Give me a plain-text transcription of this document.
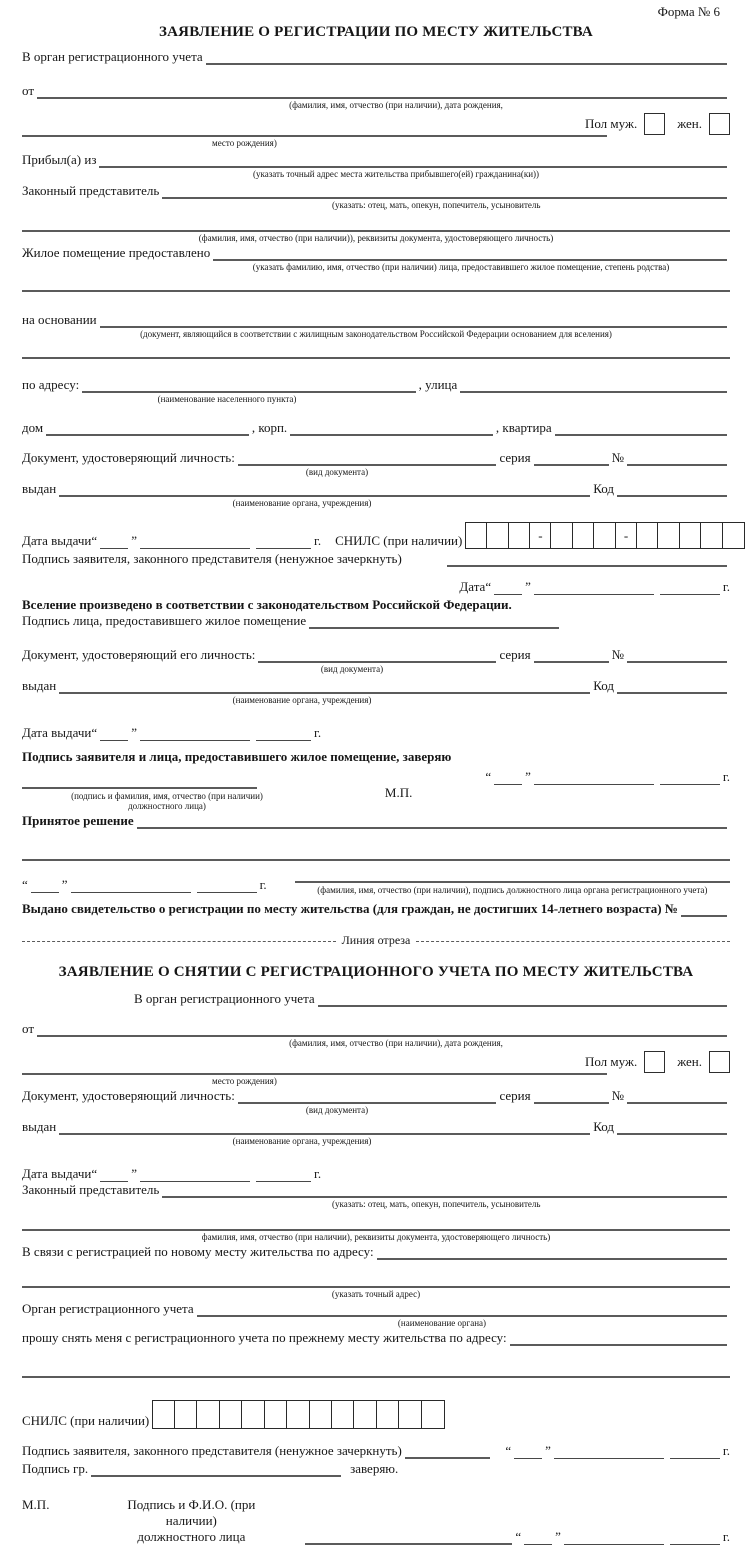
Форма № 6
ЗАЯВЛЕНИЕ О РЕГИСТРАЦИИ ПО МЕСТУ ЖИТЕЛЬСТВА
В орган регистрационного учета
от
(фамилия, имя, отчество (при наличии), дата рождения,
Пол муж.	жен.
место рождения)
Прибыл(а) из
(указать точный адрес места жительства прибывшего(ей) гражданина(ки))
Законный представитель
(указать: отец, мать, опекун, попечитель, усыновитель
(фамилия, имя, отчество (при наличии)), реквизиты документа, удостоверяющего личность)
Жилое помещение предоставлено
(указать фамилию, имя, отчество (при наличии) лица, предоставившего жилое помещение, степень родства)
на основании
(документ, являющийся в соответствии с жилищным законодательством Российской Федерации основанием для вселения)
по адресу:	, улица
(наименование населенного пункта)
дом	, корп.	, квартира
Документ, удостоверяющий личность:	серия	№
(вид документа)
выдан	Код
(наименование органа, учреждения)
Дата выдачи “	”	г. СНИЛС (при наличии)	-	-
Подпись заявителя, законного представителя (ненужное зачеркнуть)
Дата “	”	г.
Вселение произведено в соответствии с законодательством Российской Федерации.
Подпись лица, предоставившего жилое помещение
Документ, удостоверяющий его личность:	серия	№
(вид документа)
выдан	Код
(наименование органа, учреждения)
Дата выдачи “	”	г.
Подпись заявителя и лица, предоставившего жилое помещение, заверяю
(подпись и фамилия, имя, отчество (при наличии)
должностного лица)
М.П.
“	”	г.
Принятое решение
“	”	г.	(фамилия, имя, отчество (при наличии), подпись должностного лица органа регистрационного учета)
Выдано свидетельство о регистрации по месту жительства (для граждан, не достигших 14-летнего возраста) №
Линия отреза
ЗАЯВЛЕНИЕ О СНЯТИИ С РЕГИСТРАЦИОННОГО УЧЕТА ПО МЕСТУ ЖИТЕЛЬСТВА
В орган регистрационного учета
от
(фамилия, имя, отчество (при наличии), дата рождения,
Пол муж.	жен.
место рождения)
Документ, удостоверяющий личность:	серия	№
(вид документа)
выдан	Код
(наименование органа, учреждения)
Дата выдачи “	”	г.
Законный представитель
(указать: отец, мать, опекун, попечитель, усыновитель
фамилия, имя, отчество (при наличии), реквизиты документа, удостоверяющего личность)
В связи с регистрацией по новому месту жительства по адресу:
(указать точный адрес)
Орган регистрационного учета
(наименование органа)
прошу снять меня с регистрационного учета по прежнему месту жительства по адресу:
СНИЛС (при наличии)
Подпись заявителя, законного представителя (ненужное зачеркнуть)	“	”	г.
Подпись гр.	заверяю.
М.П.	Подпись и Ф.И.О. (при наличии)
должностного лица	“	”	г.
